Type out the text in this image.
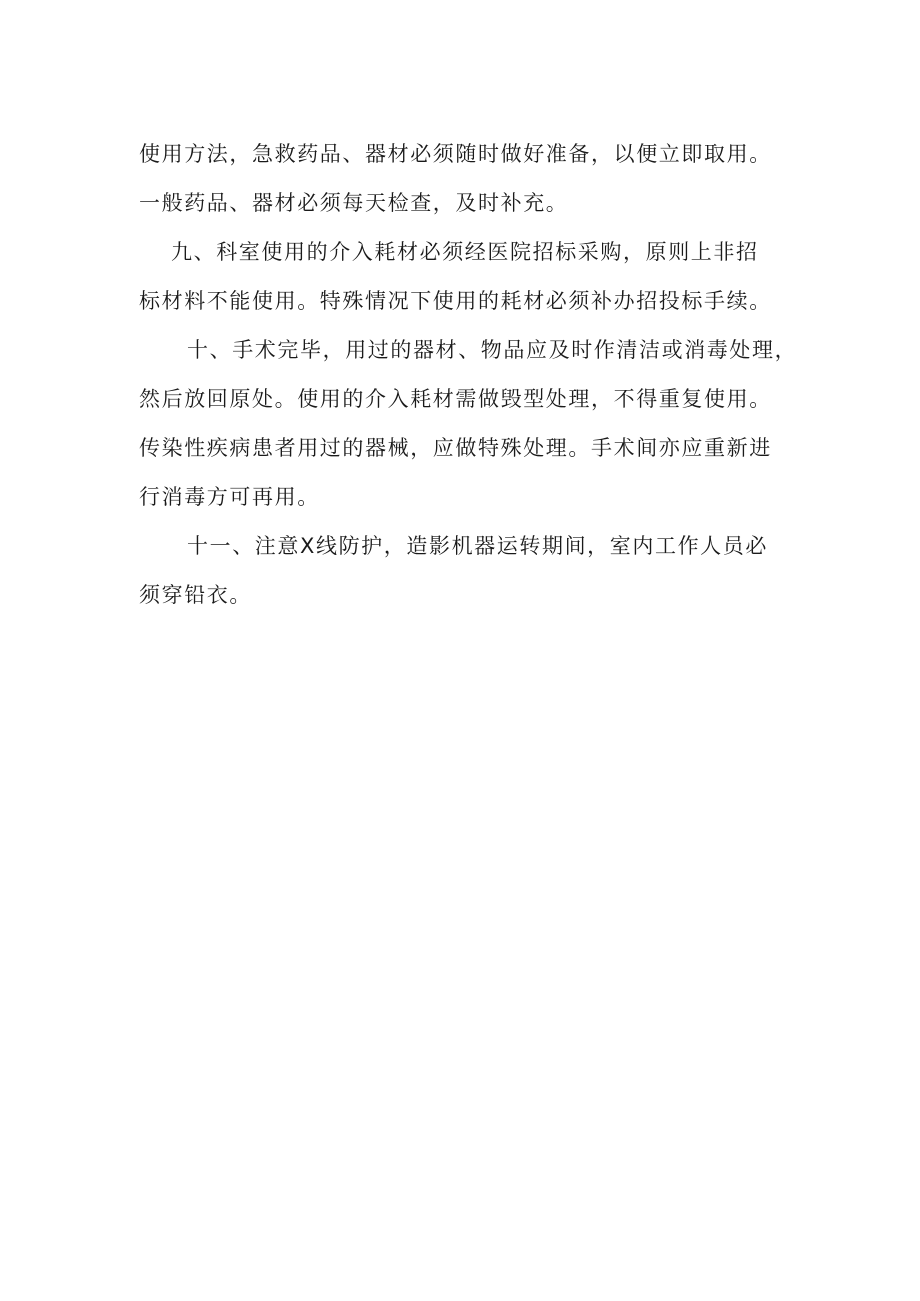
使用方法，急救药品、器材必须随时做好准备，以便立即取用。
一般药品、器材必须每天检查，及时补充。
九、科室使用的介入耗材必须经医院招标采购，原则上非招
标材料不能使用。特殊情况下使用的耗材必须补办招投标手续。
十、手术完毕，用过的器材、物品应及时作清洁或消毒处理，
然后放回原处。使用的介入耗材需做毁型处理，不得重复使用。
传染性疾病患者用过的器械，应做特殊处理。手术间亦应重新进
行消毒方可再用。
十一、注意X线防护，造影机器运转期间，室内工作人员必
须穿铅衣。
